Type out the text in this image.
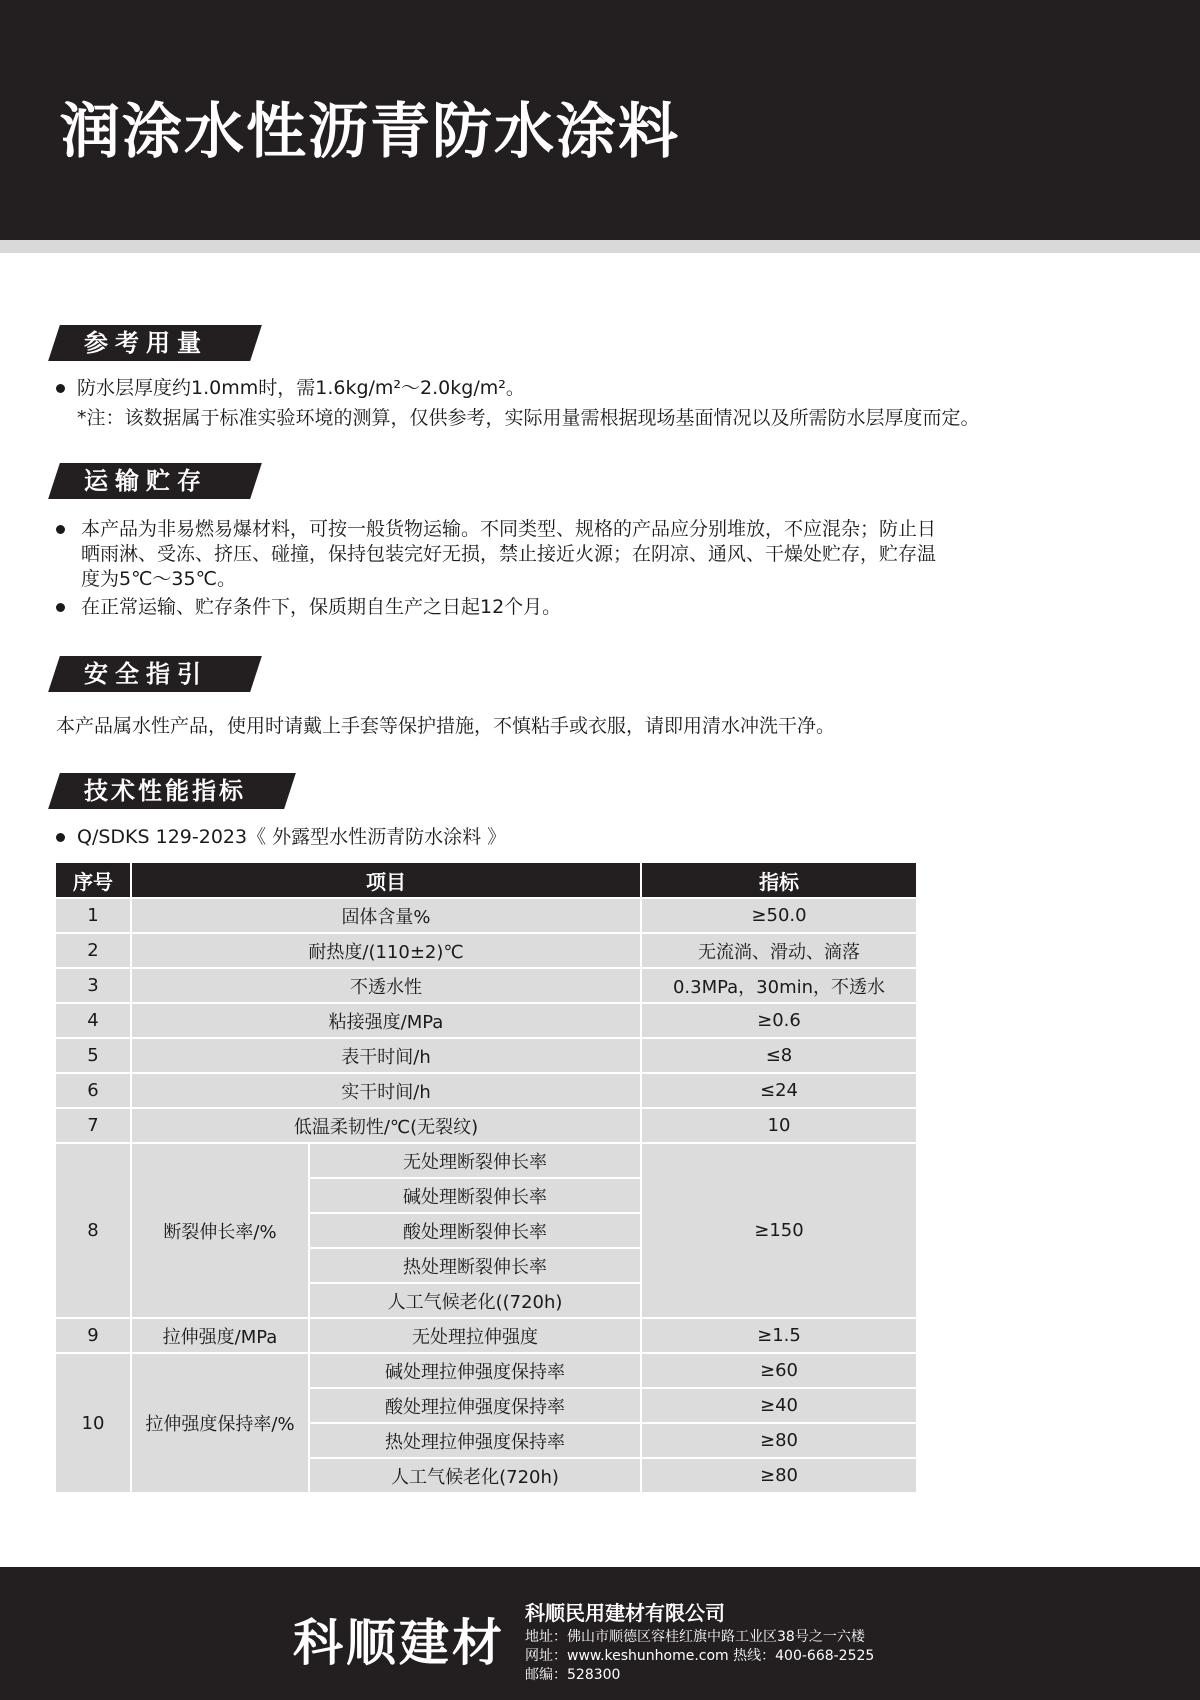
润涂水性沥青防水涂料
参考用量
防水层厚度约1.0mm时，需1.6kg/m²～2.0kg/m²。
*注：该数据属于标准实验环境的测算，仅供参考，实际用量需根据现场基面情况以及所需防水层厚度而定。
运输贮存
本产品为非易燃易爆材料，可按一般货物运输。不同类型、规格的产品应分别堆放，不应混杂；防止日
晒雨淋、受冻、挤压、碰撞，保持包装完好无损，禁止接近火源；在阴凉、通风、干燥处贮存，贮存温
度为5℃～35℃。
在正常运输、贮存条件下，保质期自生产之日起12个月。
安全指引
本产品属水性产品，使用时请戴上手套等保护措施，不慎粘手或衣服，请即用清水冲洗干净。
技术性能指标
Q/SDKS 129-2023《 外露型水性沥青防水涂料 》
序号	项目		指标
1	固体含量%		≥50.0
2	耐热度/(110±2)℃		无流淌、滑动、滴落
3	不透水性		0.3MPa，30min，不透水
4	粘接强度/MPa		≥0.6
5	表干时间/h		≤8
6	实干时间/h		≤24
7	低温柔韧性/℃(无裂纹)		10
8	断裂伸长率/%	无处理断裂伸长率	≥150
		碱处理断裂伸长率	
		酸处理断裂伸长率	
		热处理断裂伸长率	
		人工气候老化((720h)	
9	拉伸强度/MPa	无处理拉伸强度	≥1.5
10	拉伸强度保持率/%	碱处理拉伸强度保持率	≥60
		酸处理拉伸强度保持率	≥40
		热处理拉伸强度保持率	≥80
		人工气候老化(720h)	≥80
科顺建材
科顺民用建材有限公司
地址：佛山市顺德区容桂红旗中路工业区38号之一六楼
网址：www.keshunhome.com 热线：400-668-2525
邮编：528300
